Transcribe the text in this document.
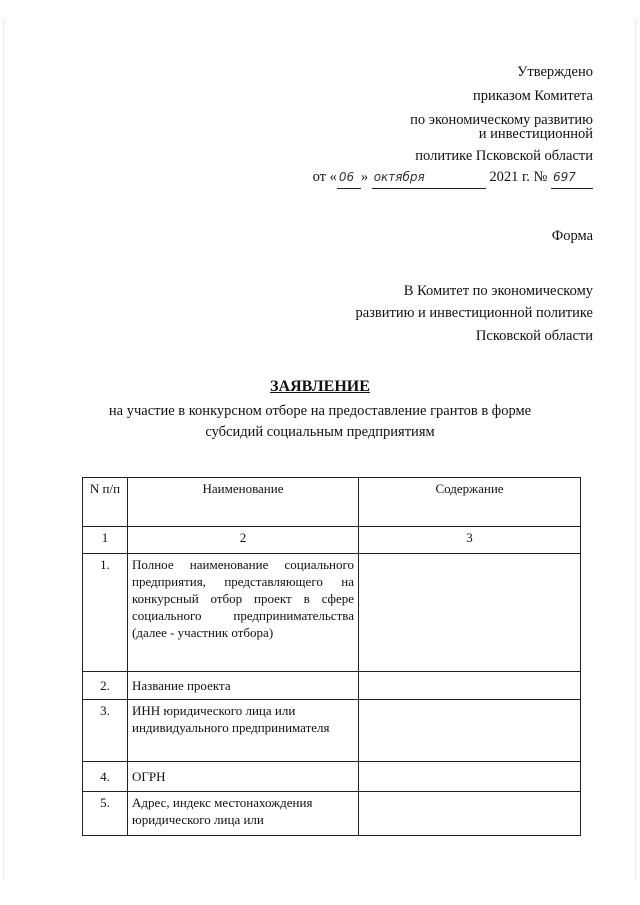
Утверждено
приказом Комитета
по экономическому развитию
и инвестиционной
политике Псковской области
от « 06 » октября	2021 г. № 697
Форма
В Комитет по экономическому
развитию и инвестиционной политике
Псковской области
ЗАЯВЛЕНИЕ
на участие в конкурсном отборе на предоставление грантов в форме
субсидий социальным предприятиям
N п/п	Наименование	Содержание
1	2	3
1.	Полное наименование социального предприятия, представляющего на конкурсный отбор проект в сфере социального предпринимательства (далее - участник отбора)	
2.	Название проекта	
3.	ИНН юридического лица или индивидуального предпринимателя	
4.	ОГРН	
5.	Адрес, индекс местонахождения юридического лица или	
